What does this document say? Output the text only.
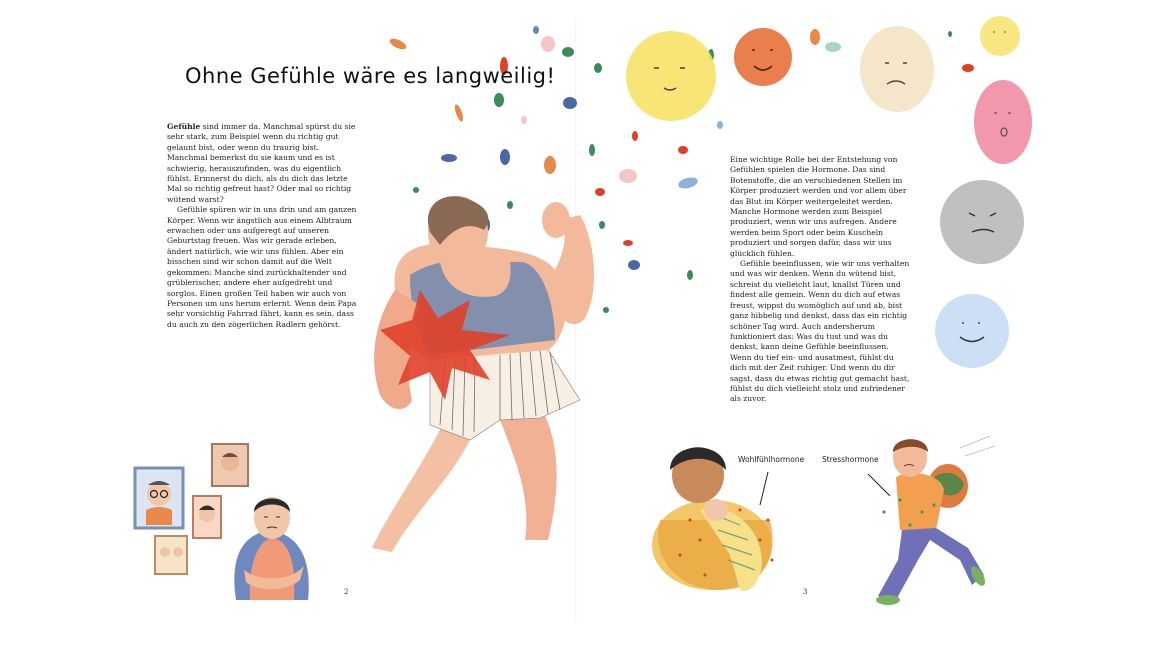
Ohne Gefühle wäre es langweilig!

Gefühle sind immer da. Manchmal spürst du sie sehr stark, zum Beispiel wenn du richtig gut gelaunt bist, oder wenn du traurig bist. Manchmal bemerkst du sie kaum und es ist schwierig, herauszufinden, was du eigentlich fühlst. Erinnerst du dich, als du dich das letzte Mal so richtig gefreut hast? Oder mal so richtig wütend warst?

Gefühle spüren wir in uns drin und am ganzen Körper. Wenn wir ängstlich aus einem Albtraum erwachen oder uns aufgeregt auf unseren Geburtstag freuen. Was wir gerade erleben, ändert natürlich, wie wir uns fühlen. Aber ein bisschen sind wir schon damit auf die Welt gekommen: Manche sind zurückhaltender und grüblerischer, andere eher aufgedreht und sorglos. Einen großen Teil haben wir auch von Personen um uns herum erlernt. Wenn dein Papa sehr vorsichtig Fahrrad fährt, kann es sein, dass du auch zu den zögerlichen Radlern gehörst.

Eine wichtige Rolle bei der Entstehung von Gefühlen spielen die Hormone. Das sind Botenstoffe, die an verschiedenen Stellen im Körper produziert werden und vor allem über das Blut im Körper weitergeleitet werden. Manche Hormone werden zum Beispiel produziert, wenn wir uns aufregen. Andere werden beim Sport oder beim Kuscheln produziert und sorgen dafür, dass wir uns glücklich fühlen.

Gefühle beeinflussen, wie wir uns verhalten und was wir denken. Wenn du wütend bist, schreist du vielleicht laut, knallst Türen und findest alle gemein. Wenn du dich auf etwas freust, wippst du womöglich auf und ab, bist ganz hibbelig und denkst, dass das ein richtig schöner Tag wird. Auch andersherum funktioniert das: Was du tust und was du denkst, kann deine Gefühle beeinflussen. Wenn du tief ein- und ausatmest, fühlst du dich mit der Zeit ruhiger. Und wenn du dir sagst, dass du etwas richtig gut gemacht hast, fühlst du dich vielleicht stolz und zufriedener als zuvor.

Wohlfühlhormone Stresshormone
2	3
